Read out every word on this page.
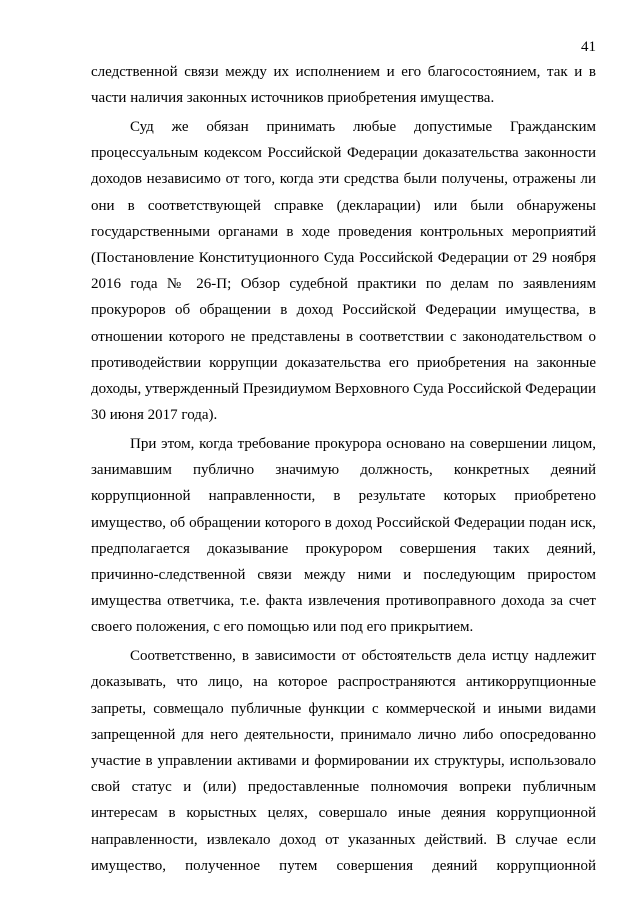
41

следственной связи между их исполнением и его благосостоянием, так и в части наличия законных источников приобретения имущества.

Суд же обязан принимать любые допустимые Гражданским процессуальным кодексом Российской Федерации доказательства законности доходов независимо от того, когда эти средства были получены, отражены ли они в соответствующей справке (декларации) или были обнаружены государственными органами в ходе проведения контрольных мероприятий (Постановление Конституционного Суда Российской Федерации от 29 ноября 2016 года № 26-П; Обзор судебной практики по делам по заявлениям прокуроров об обращении в доход Российской Федерации имущества, в отношении которого не представлены в соответствии с законодательством о противодействии коррупции доказательства его приобретения на законные доходы, утвержденный Президиумом Верховного Суда Российской Федерации 30 июня 2017 года).

При этом, когда требование прокурора основано на совершении лицом, занимавшим публично значимую должность, конкретных деяний коррупционной направленности, в результате которых приобретено имущество, об обращении которого в доход Российской Федерации подан иск, предполагается доказывание прокурором совершения таких деяний, причинно-следственной связи между ними и последующим приростом имущества ответчика, т.е. факта извлечения противоправного дохода за счет своего положения, с его помощью или под его прикрытием.

Соответственно, в зависимости от обстоятельств дела истцу надлежит доказывать, что лицо, на которое распространяются антикоррупционные запреты, совмещало публичные функции с коммерческой и иными видами запрещенной для него деятельности, принимало лично либо опосредованно участие в управлении активами и формировании их структуры, использовало свой статус и (или) предоставленные полномочия вопреки публичным интересам в корыстных целях, совершало иные деяния коррупционной направленности, извлекало доход от указанных действий. В случае если имущество, полученное путем совершения деяний коррупционной
